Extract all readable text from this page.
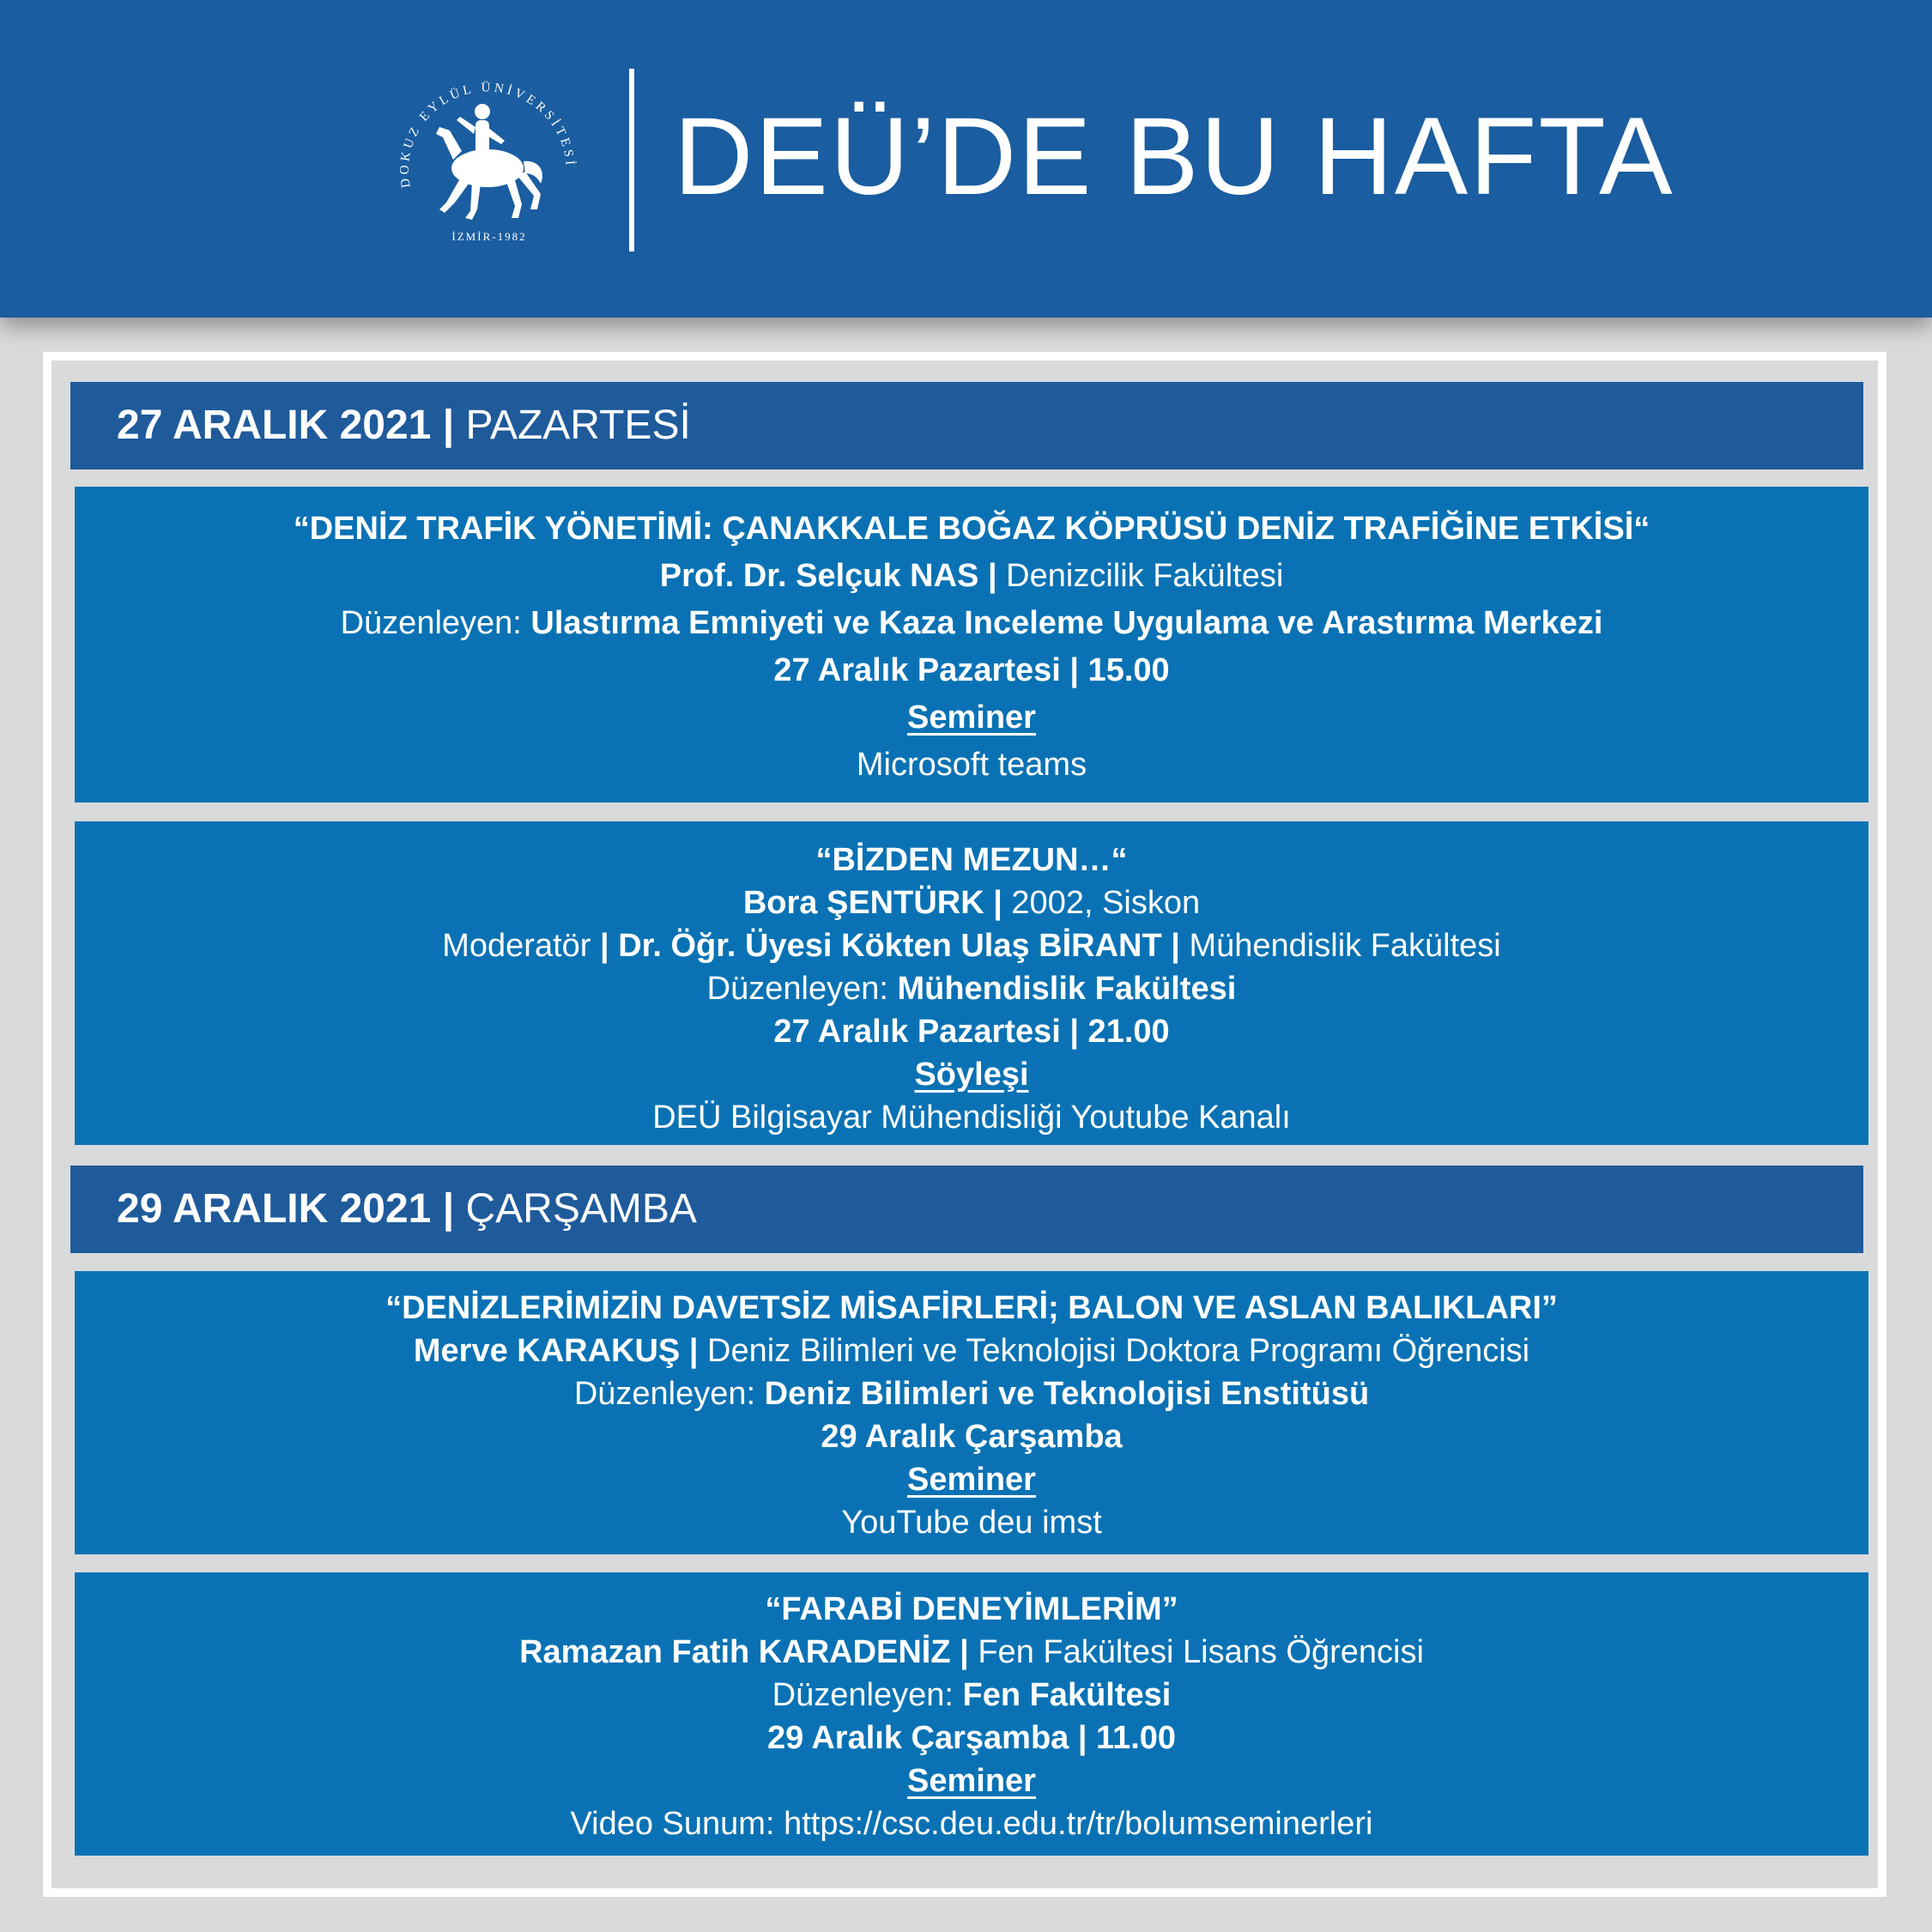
DOKUZ EYLÜL ÜNİVERSİTESİ
İZMİR-1982
DEÜ’DE BU HAFTA
27 ARALIK 2021 | PAZARTESİ
“DENİZ TRAFİK YÖNETİMİ: ÇANAKKALE BOĞAZ KÖPRÜSÜ DENİZ TRAFİĞİNE ETKİSİ“
Prof. Dr. Selçuk NAS | Denizcilik Fakültesi
Düzenleyen: Ulastırma Emniyeti ve Kaza Inceleme Uygulama ve Arastırma Merkezi
27 Aralık Pazartesi | 15.00
Seminer
Microsoft teams
“BİZDEN MEZUN…“
Bora ŞENTÜRK | 2002, Siskon
Moderatör | Dr. Öğr. Üyesi Kökten Ulaş BİRANT | Mühendislik Fakültesi
Düzenleyen: Mühendislik Fakültesi
27 Aralık Pazartesi | 21.00
Söyleşi
DEÜ Bilgisayar Mühendisliği Youtube Kanalı
29 ARALIK 2021 | ÇARŞAMBA
“DENİZLERİMİZİN DAVETSİZ MİSAFİRLERİ; BALON VE ASLAN BALIKLARI”
Merve KARAKUŞ | Deniz Bilimleri ve Teknolojisi Doktora Programı Öğrencisi
Düzenleyen: Deniz Bilimleri ve Teknolojisi Enstitüsü
29 Aralık Çarşamba
Seminer
YouTube deu imst
“FARABİ DENEYİMLERİM”
Ramazan Fatih KARADENİZ | Fen Fakültesi Lisans Öğrencisi
Düzenleyen: Fen Fakültesi
29 Aralık Çarşamba | 11.00
Seminer
Video Sunum: https://csc.deu.edu.tr/tr/bolumseminerleri
